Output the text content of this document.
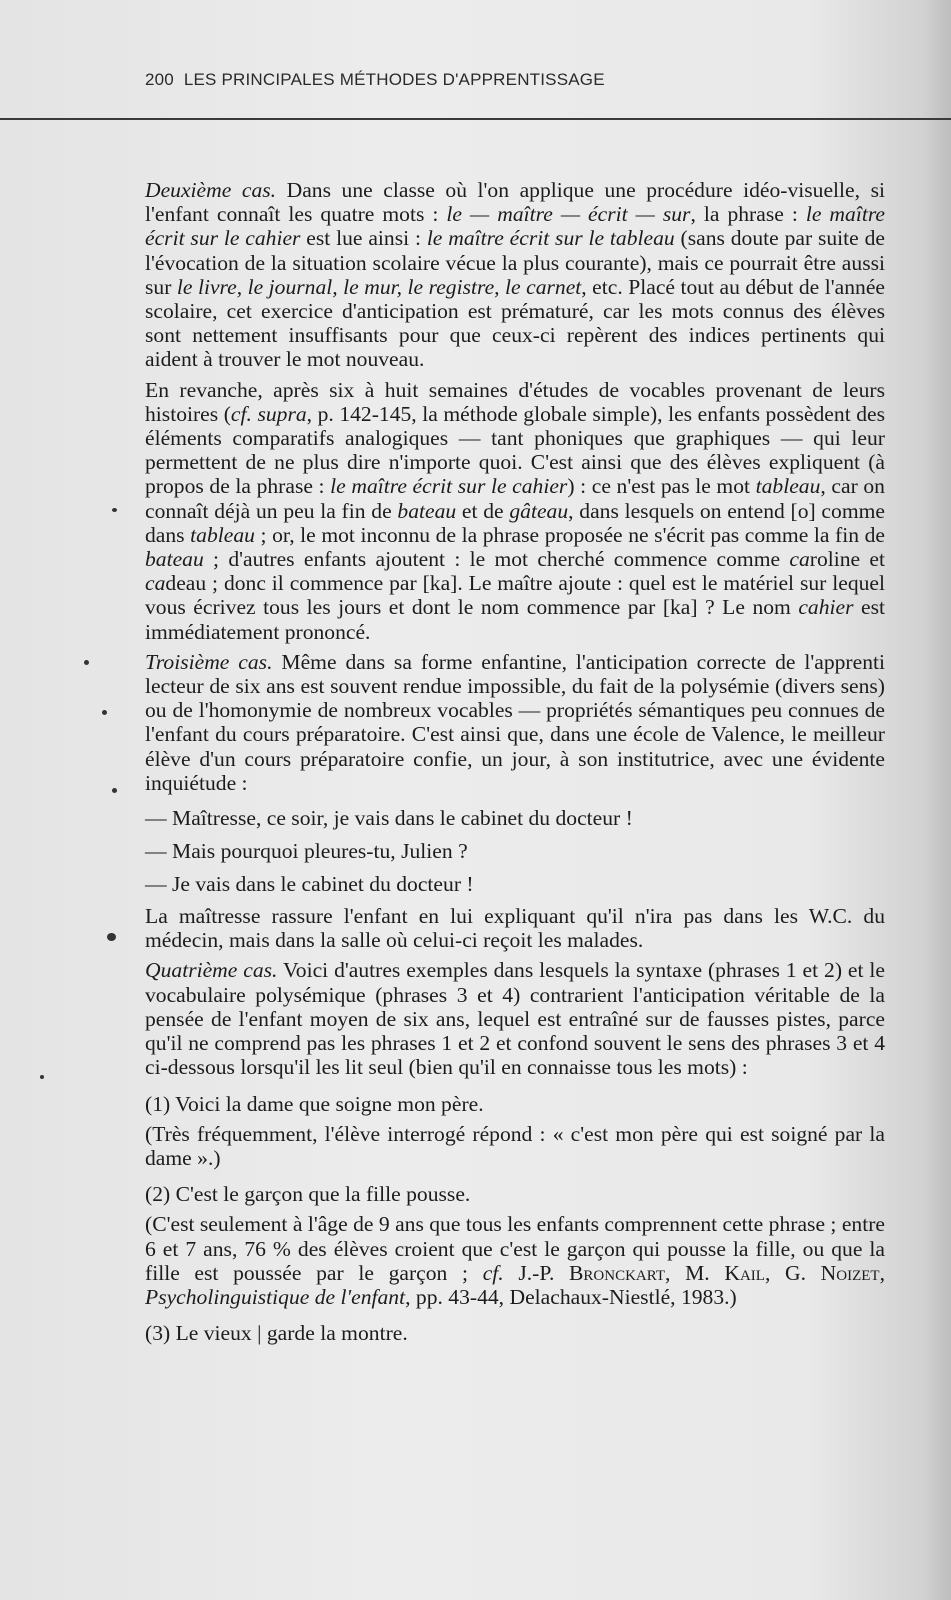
200 LES PRINCIPALES MÉTHODES D'APPRENTISSAGE

Deuxième cas. Dans une classe où l'on applique une procédure idéo-visuelle, si l'enfant connaît les quatre mots : le — maître — écrit — sur, la phrase : le maître écrit sur le cahier est lue ainsi : le maître écrit sur le tableau (sans doute par suite de l'évocation de la situation scolaire vécue la plus courante), mais ce pourrait être aussi sur le livre, le journal, le mur, le registre, le carnet, etc. Placé tout au début de l'année scolaire, cet exercice d'anticipation est prématuré, car les mots connus des élèves sont nettement insuffisants pour que ceux-ci repèrent des indices pertinents qui aident à trouver le mot nouveau.

En revanche, après six à huit semaines d'études de vocables provenant de leurs histoires (cf. supra, p. 142-145, la méthode globale simple), les enfants possèdent des éléments comparatifs analogiques — tant phoniques que graphiques — qui leur permettent de ne plus dire n'importe quoi. C'est ainsi que des élèves expliquent (à propos de la phrase : le maître écrit sur le cahier) : ce n'est pas le mot tableau, car on connaît déjà un peu la fin de bateau et de gâteau, dans lesquels on entend [o] comme dans tableau ; or, le mot inconnu de la phrase proposée ne s'écrit pas comme la fin de bateau ; d'autres enfants ajoutent : le mot cherché commence comme caroline et cadeau ; donc il commence par [ka]. Le maître ajoute : quel est le matériel sur lequel vous écrivez tous les jours et dont le nom commence par [ka] ? Le nom cahier est immédiatement prononcé.

Troisième cas. Même dans sa forme enfantine, l'anticipation correcte de l'apprenti lecteur de six ans est souvent rendue impossible, du fait de la polysémie (divers sens) ou de l'homonymie de nombreux vocables — propriétés sémantiques peu connues de l'enfant du cours préparatoire. C'est ainsi que, dans une école de Valence, le meilleur élève d'un cours préparatoire confie, un jour, à son institutrice, avec une évidente inquiétude :

— Maîtresse, ce soir, je vais dans le cabinet du docteur !

— Mais pourquoi pleures-tu, Julien ?

— Je vais dans le cabinet du docteur !

La maîtresse rassure l'enfant en lui expliquant qu'il n'ira pas dans les W.C. du médecin, mais dans la salle où celui-ci reçoit les malades.

Quatrième cas. Voici d'autres exemples dans lesquels la syntaxe (phrases 1 et 2) et le vocabulaire polysémique (phrases 3 et 4) contrarient l'anticipation véritable de la pensée de l'enfant moyen de six ans, lequel est entraîné sur de fausses pistes, parce qu'il ne comprend pas les phrases 1 et 2 et confond souvent le sens des phrases 3 et 4 ci-dessous lorsqu'il les lit seul (bien qu'il en connaisse tous les mots) :

(1) Voici la dame que soigne mon père.

(Très fréquemment, l'élève interrogé répond : « c'est mon père qui est soigné par la dame ».)

(2) C'est le garçon que la fille pousse.

(C'est seulement à l'âge de 9 ans que tous les enfants comprennent cette phrase ; entre 6 et 7 ans, 76 % des élèves croient que c'est le garçon qui pousse la fille, ou que la fille est poussée par le garçon ; cf. J.-P. Bronckart, M. Kail, G. Noizet, Psycholinguistique de l'enfant, pp. 43-44, Delachaux-Niestlé, 1983.)

(3) Le vieux | garde la montre.
